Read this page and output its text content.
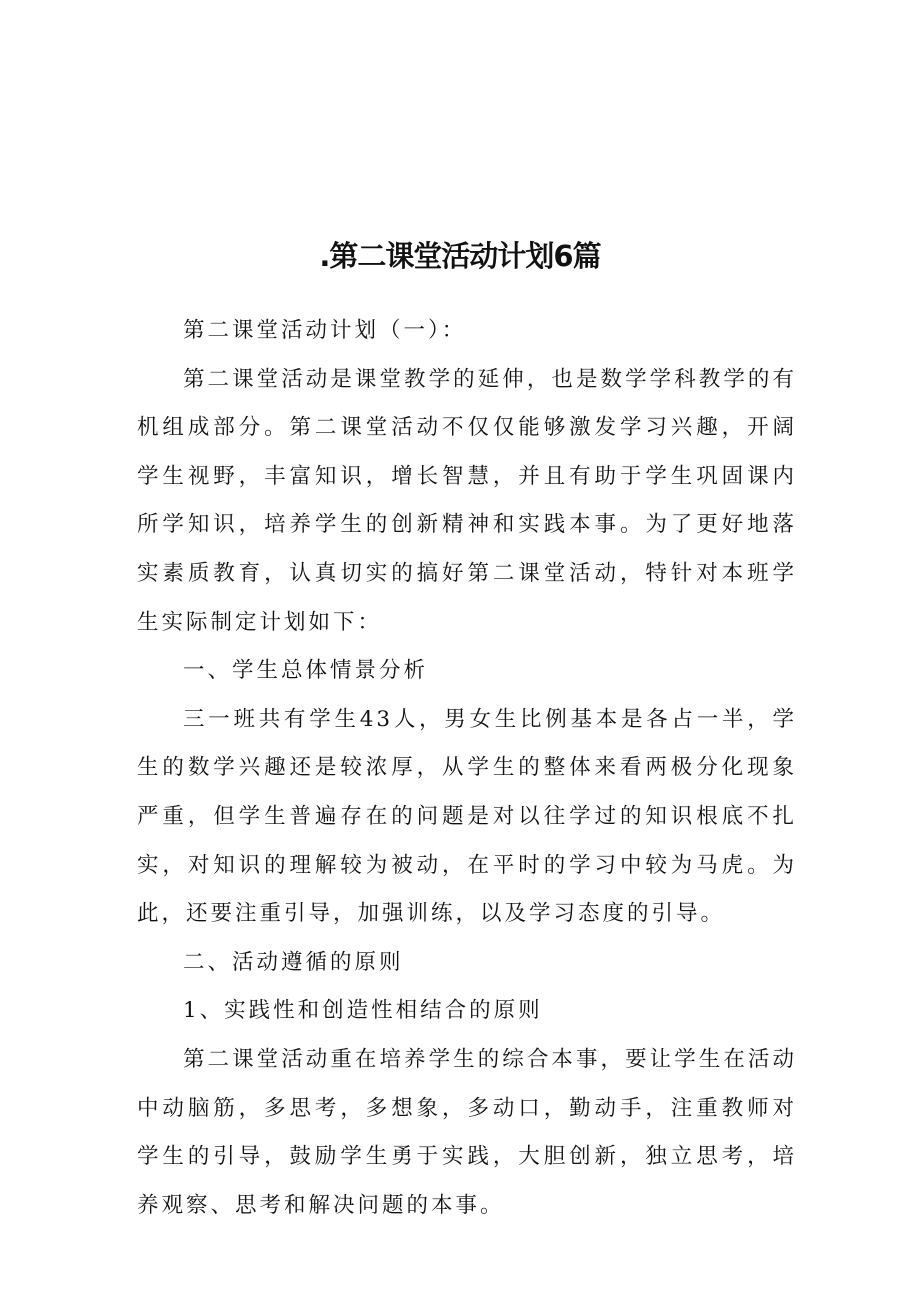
.第二课堂活动计划6篇

第二课堂活动计划（一）：

第二课堂活动是课堂教学的延伸，也是数学学科教学的有机组成部分。第二课堂活动不仅仅能够激发学习兴趣，开阔学生视野，丰富知识，增长智慧，并且有助于学生巩固课内所学知识，培养学生的创新精神和实践本事。为了更好地落实素质教育，认真切实的搞好第二课堂活动，特针对本班学生实际制定计划如下：

一、学生总体情景分析

三一班共有学生43人，男女生比例基本是各占一半，学生的数学兴趣还是较浓厚，从学生的整体来看两极分化现象严重，但学生普遍存在的问题是对以往学过的知识根底不扎实，对知识的理解较为被动，在平时的学习中较为马虎。为此，还要注重引导，加强训练，以及学习态度的引导。

二、活动遵循的原则

1、实践性和创造性相结合的原则

第二课堂活动重在培养学生的综合本事，要让学生在活动中动脑筋，多思考，多想象，多动口，勤动手，注重教师对学生的引导，鼓励学生勇于实践，大胆创新，独立思考，培养观察、思考和解决问题的本事。
